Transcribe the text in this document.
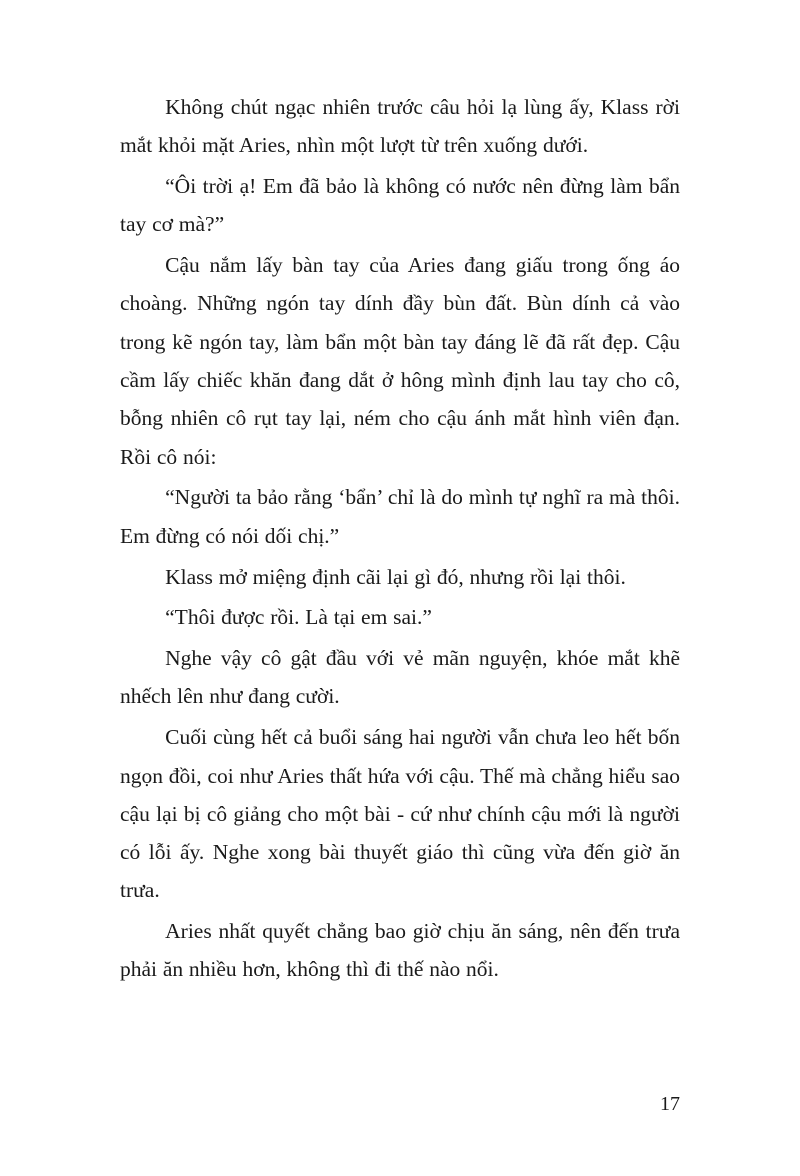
Không chút ngạc nhiên trước câu hỏi lạ lùng ấy, Klass rời mắt khỏi mặt Aries, nhìn một lượt từ trên xuống dưới.

“Ôi trời ạ! Em đã bảo là không có nước nên đừng làm bẩn tay cơ mà?”

Cậu nắm lấy bàn tay của Aries đang giấu trong ống áo choàng. Những ngón tay dính đầy bùn đất. Bùn dính cả vào trong kẽ ngón tay, làm bẩn một bàn tay đáng lẽ đã rất đẹp. Cậu cầm lấy chiếc khăn đang dắt ở hông mình định lau tay cho cô, bỗng nhiên cô rụt tay lại, ném cho cậu ánh mắt hình viên đạn. Rồi cô nói:

“Người ta bảo rằng ‘bẩn’ chỉ là do mình tự nghĩ ra mà thôi. Em đừng có nói dối chị.”

Klass mở miệng định cãi lại gì đó, nhưng rồi lại thôi.

“Thôi được rồi. Là tại em sai.”

Nghe vậy cô gật đầu với vẻ mãn nguyện, khóe mắt khẽ nhếch lên như đang cười.

Cuối cùng hết cả buổi sáng hai người vẫn chưa leo hết bốn ngọn đồi, coi như Aries thất hứa với cậu. Thế mà chẳng hiểu sao cậu lại bị cô giảng cho một bài - cứ như chính cậu mới là người có lỗi ấy. Nghe xong bài thuyết giáo thì cũng vừa đến giờ ăn trưa.

Aries nhất quyết chẳng bao giờ chịu ăn sáng, nên đến trưa phải ăn nhiều hơn, không thì đi thế nào nổi.

17
